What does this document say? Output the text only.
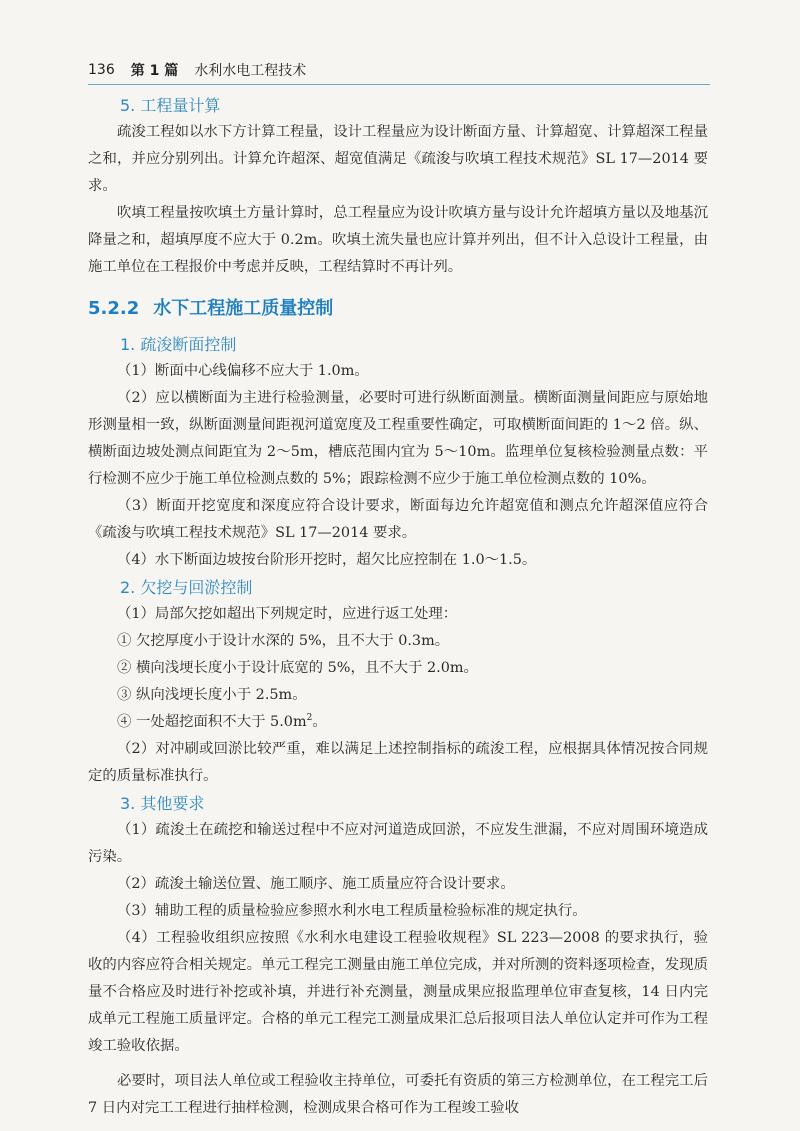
136 第 1 篇 水利水电工程技术
5. 工程量计算

疏浚工程如以水下方计算工程量，设计工程量应为设计断面方量、计算超宽、计算超深工程量之和，并应分别列出。计算允许超深、超宽值满足《疏浚与吹填工程技术规范》SL 17—2014 要求。

吹填工程量按吹填土方量计算时，总工程量应为设计吹填方量与设计允许超填方量以及地基沉降量之和，超填厚度不应大于 0.2m。吹填土流失量也应计算并列出，但不计入总设计工程量，由施工单位在工程报价中考虑并反映，工程结算时不再计列。

5.2.2 水下工程施工质量控制
1. 疏浚断面控制

（1）断面中心线偏移不应大于 1.0m。

（2）应以横断面为主进行检验测量，必要时可进行纵断面测量。横断面测量间距应与原始地形测量相一致，纵断面测量间距视河道宽度及工程重要性确定，可取横断面间距的 1～2 倍。纵、横断面边坡处测点间距宜为 2～5m，槽底范围内宜为 5～10m。监理单位复核检验测量点数：平行检测不应少于施工单位检测点数的 5%；跟踪检测不应少于施工单位检测点数的 10%。

（3）断面开挖宽度和深度应符合设计要求，断面每边允许超宽值和测点允许超深值应符合《疏浚与吹填工程技术规范》SL 17—2014 要求。

（4）水下断面边坡按台阶形开挖时，超欠比应控制在 1.0～1.5。

2. 欠挖与回淤控制

（1）局部欠挖如超出下列规定时，应进行返工处理：

① 欠挖厚度小于设计水深的 5%，且不大于 0.3m。

② 横向浅埂长度小于设计底宽的 5%，且不大于 2.0m。

③ 纵向浅埂长度小于 2.5m。

④ 一处超挖面积不大于 $5.0m^2$。

（2）对冲刷或回淤比较严重，难以满足上述控制指标的疏浚工程，应根据具体情况按合同规定的质量标准执行。

3. 其他要求

（1）疏浚土在疏挖和输送过程中不应对河道造成回淤，不应发生泄漏，不应对周围环境造成污染。

（2）疏浚土输送位置、施工顺序、施工质量应符合设计要求。

（3）辅助工程的质量检验应参照水利水电工程质量检验标准的规定执行。

（4）工程验收组织应按照《水利水电建设工程验收规程》SL 223—2008 的要求执行，验收的内容应符合相关规定。单元工程完工测量由施工单位完成，并对所测的资料逐项检查，发现质量不合格应及时进行补挖或补填，并进行补充测量，测量成果应报监理单位审查复核，14 日内完成单元工程施工质量评定。合格的单元工程完工测量成果汇总后报项目法人单位认定并可作为工程竣工验收依据。

必要时，项目法人单位或工程验收主持单位，可委托有资质的第三方检测单位，在工程完工后 7 日内对完工工程进行抽样检测，检测成果合格可作为工程竣工验收
